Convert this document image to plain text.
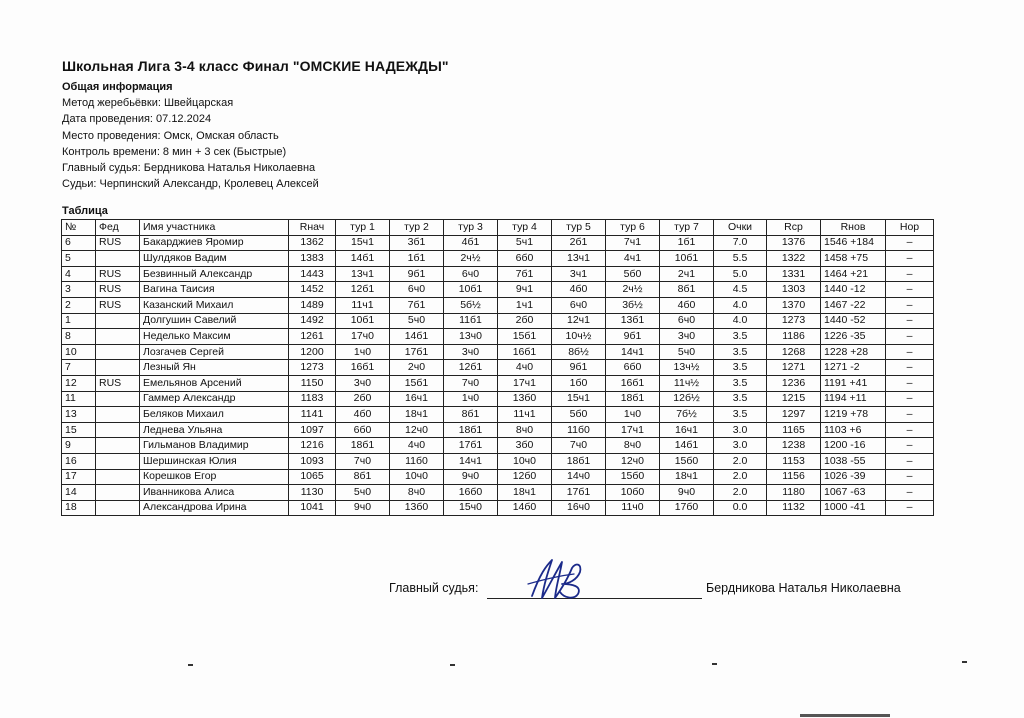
Школьная Лига 3-4 класс Финал "ОМСКИЕ НАДЕЖДЫ"
Общая информация
Метод жеребьёвки: Швейцарская
Дата проведения: 07.12.2024
Место проведения: Омск, Омская область
Контроль времени: 8 мин + 3 сек (Быстрые)
Главный судья: Бердникова Наталья Николаевна
Судьи: Черпинский Александр, Кролевец Алексей
Таблица
№	Фед	Имя участника	Rнач	тур 1	тур 2	тур 3	тур 4	тур 5	тур 6	тур 7	Очки	Rcp	Rнов	Нор
6	RUS	Бакарджиев Яромир	1362	15ч1	3б1	4б1	5ч1	2б1	7ч1	1б1	7.0	1376	1546 +184	–
5		Шулдяков Вадим	1383	14б1	1б1	2ч½	6б0	13ч1	4ч1	10б1	5.5	1322	1458 +75	–
4	RUS	Безвинный Александр	1443	13ч1	9б1	6ч0	7б1	3ч1	5б0	2ч1	5.0	1331	1464 +21	–
3	RUS	Вагина Таисия	1452	12б1	6ч0	10б1	9ч1	4б0	2ч½	8б1	4.5	1303	1440 -12	–
2	RUS	Казанский Михаил	1489	11ч1	7б1	5б½	1ч1	6ч0	3б½	4б0	4.0	1370	1467 -22	–
1		Долгушин Савелий	1492	10б1	5ч0	11б1	2б0	12ч1	13б1	6ч0	4.0	1273	1440 -52	–
8		Неделько Максим	1261	17ч0	14б1	13ч0	15б1	10ч½	9б1	3ч0	3.5	1186	1226 -35	–
10		Лозгачев Сергей	1200	1ч0	17б1	3ч0	16б1	8б½	14ч1	5ч0	3.5	1268	1228 +28	–
7		Лезный Ян	1273	16б1	2ч0	12б1	4ч0	9б1	6б0	13ч½	3.5	1271	1271 -2	–
12	RUS	Емельянов Арсений	1150	3ч0	15б1	7ч0	17ч1	1б0	16б1	11ч½	3.5	1236	1191 +41	–
11		Гаммер Александр	1183	2б0	16ч1	1ч0	13б0	15ч1	18б1	12б½	3.5	1215	1194 +11	–
13		Беляков Михаил	1141	4б0	18ч1	8б1	11ч1	5б0	1ч0	7б½	3.5	1297	1219 +78	–
15		Леднева Ульяна	1097	6б0	12ч0	18б1	8ч0	11б0	17ч1	16ч1	3.0	1165	1103 +6	–
9		Гильманов Владимир	1216	18б1	4ч0	17б1	3б0	7ч0	8ч0	14б1	3.0	1238	1200 -16	–
16		Шершинская Юлия	1093	7ч0	11б0	14ч1	10ч0	18б1	12ч0	15б0	2.0	1153	1038 -55	–
17		Корешков Егор	1065	8б1	10ч0	9ч0	12б0	14ч0	15б0	18ч1	2.0	1156	1026 -39	–
14		Иванникова Алиса	1130	5ч0	8ч0	16б0	18ч1	17б1	10б0	9ч0	2.0	1180	1067 -63	–
18		Александрова Ирина	1041	9ч0	13б0	15ч0	14б0	16ч0	11ч0	17б0	0.0	1132	1000 -41	–
Главный судья:	Бердникова Наталья Николаевна
